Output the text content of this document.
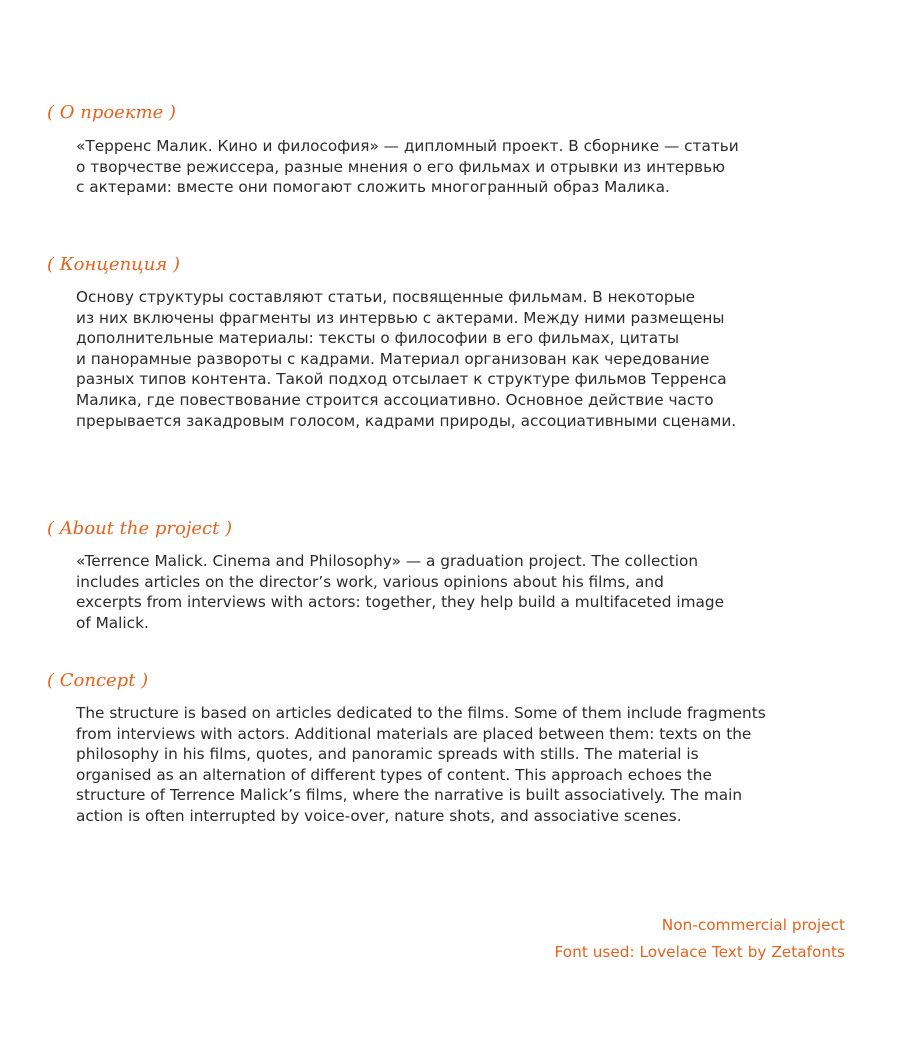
( О проекте )

«Терренс Малик. Кино и философия» — дипломный проект. В сборнике — статьи
о творчестве режиссера, разные мнения о его фильмах и отрывки из интервью
с актерами: вместе они помогают сложить многогранный образ Малика.

( Концепция )

Основу структуры составляют статьи, посвященные фильмам. В некоторые
из них включены фрагменты из интервью с актерами. Между ними размещены
дополнительные материалы: тексты о философии в его фильмах, цитаты
и панорамные развороты с кадрами. Материал организован как чередование
разных типов контента. Такой подход отсылает к структуре фильмов Терренса
Малика, где повествование строится ассоциативно. Основное действие часто
прерывается закадровым голосом, кадрами природы, ассоциативными сценами.

( About the project )

«Terrence Malick. Cinema and Philosophy» — a graduation project. The collection
includes articles on the director’s work, various opinions about his films, and
excerpts from interviews with actors: together, they help build a multifaceted image
of Malick.

( Concept )

The structure is based on articles dedicated to the films. Some of them include fragments
from interviews with actors. Additional materials are placed between them: texts on the
philosophy in his films, quotes, and panoramic spreads with stills. The material is
organised as an alternation of different types of content. This approach echoes the
structure of Terrence Malick’s films, where the narrative is built associatively. The main
action is often interrupted by voice-over, nature shots, and associative scenes.

Non-commercial project

Font used: Lovelace Text by Zetafonts
